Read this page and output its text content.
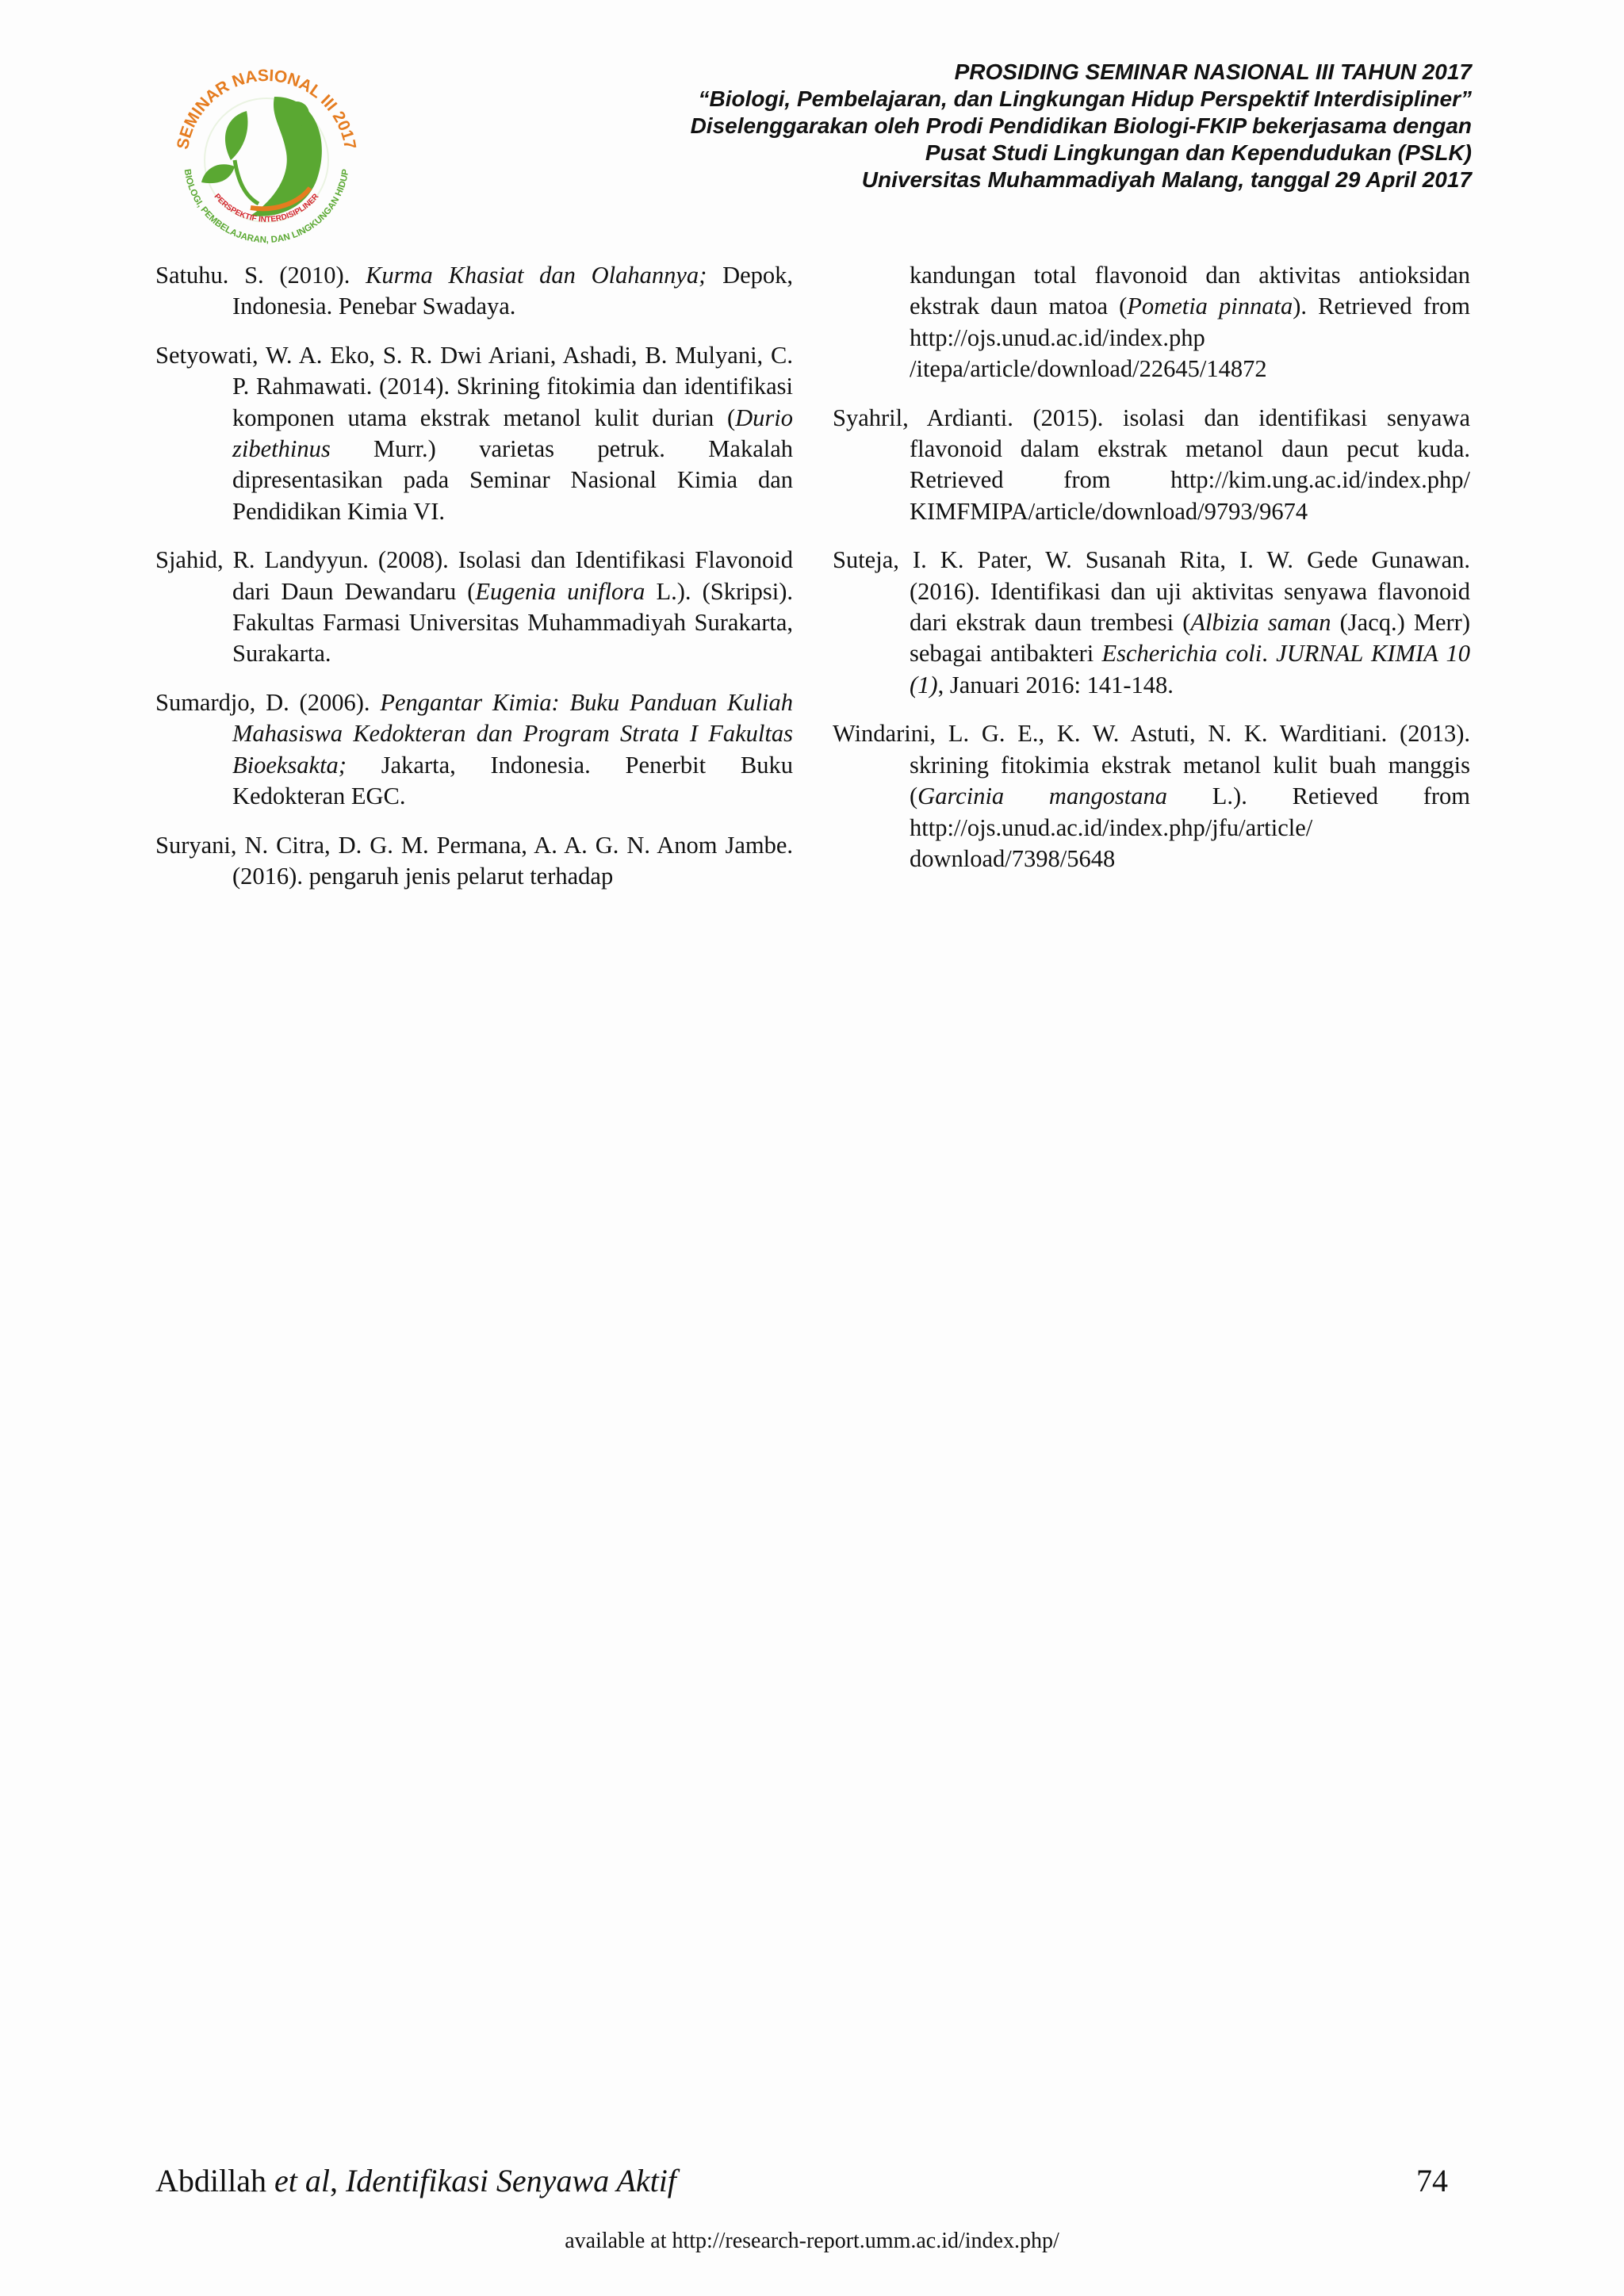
SEMINAR NASIONAL III 2017
BIOLOGI, PEMBELAJARAN, DAN LINGKUNGAN HIDUP
PERSPEKTIF INTERDISIPLINER
PROSIDING SEMINAR NASIONAL III TAHUN 2017
“Biologi, Pembelajaran, dan Lingkungan Hidup Perspektif Interdisipliner”
Diselenggarakan oleh Prodi Pendidikan Biologi-FKIP bekerjasama dengan
Pusat Studi Lingkungan dan Kependudukan (PSLK)
Universitas Muhammadiyah Malang, tanggal 29 April 2017

Satuhu. S. (2010). Kurma Khasiat dan Olahannya; Depok, Indonesia. Penebar Swadaya.

Setyowati, W. A. Eko, S. R. Dwi Ariani, Ashadi, B. Mulyani, C. P. Rahmawati. (2014). Skrining fitokimia dan identifikasi komponen utama ekstrak metanol kulit durian (Durio zibethinus Murr.) varietas petruk. Makalah dipresentasikan pada Seminar Nasional Kimia dan Pendidikan Kimia VI.

Sjahid, R. Landyyun. (2008). Isolasi dan Identifikasi Flavonoid dari Daun Dewandaru (Eugenia uniflora L.). (Skripsi). Fakultas Farmasi Universitas Muhammadiyah Surakarta, Surakarta.

Sumardjo, D. (2006). Pengantar Kimia: Buku Panduan Kuliah Mahasiswa Kedokteran dan Program Strata I Fakultas Bioeksakta; Jakarta, Indonesia. Penerbit Buku Kedokteran EGC.

Suryani, N. Citra, D. G. M. Permana, A. A. G. N. Anom Jambe. (2016). pengaruh jenis pelarut terhadap

kandungan total flavonoid dan aktivitas antioksidan ekstrak daun matoa (Pometia pinnata). Retrieved from http://ojs.unud.ac.id/index.php /itepa/article/download/22645/14872

Syahril, Ardianti. (2015). isolasi dan identifikasi senyawa flavonoid dalam ekstrak metanol daun pecut kuda. Retrieved from http://kim.ung.ac.id/index.php/ KIMFMIPA/article/download/9793/9674

Suteja, I. K. Pater, W. Susanah Rita, I. W. Gede Gunawan. (2016). Identifikasi dan uji aktivitas senyawa flavonoid dari ekstrak daun trembesi (Albizia saman (Jacq.) Merr) sebagai antibakteri Escherichia coli. JURNAL KIMIA 10 (1), Januari 2016: 141-148.

Windarini, L. G. E., K. W. Astuti, N. K. Warditiani. (2013). skrining fitokimia ekstrak metanol kulit buah manggis (Garcinia mangostana L.). Retieved from http://ojs.unud.ac.id/index.php/jfu/article/ download/7398/5648

Abdillah et al, Identifikasi Senyawa Aktif	74
available at http://research-report.umm.ac.id/index.php/
